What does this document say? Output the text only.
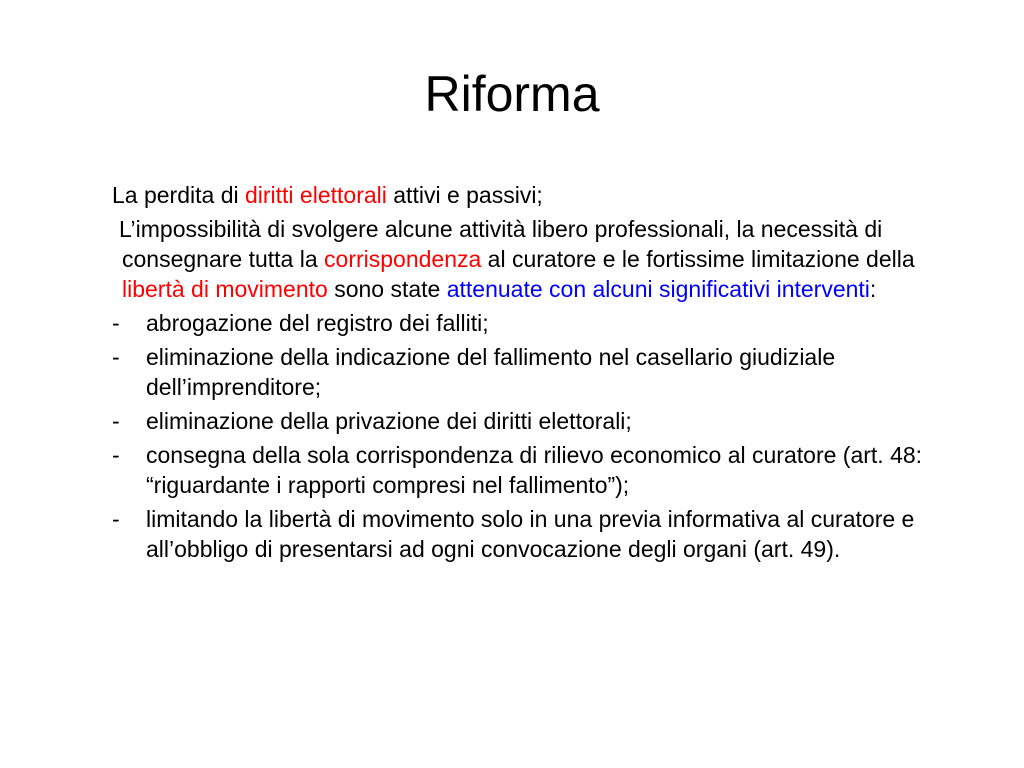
Riforma

La perdita di diritti elettorali attivi e passivi;

L’impossibilità di svolgere alcune attività libero professionali, la necessità di consegnare tutta la corrispondenza al curatore e le fortissime limitazione della libertà di movimento sono state attenuate con alcuni significativi interventi:

- abrogazione del registro dei falliti;
- eliminazione della indicazione del fallimento nel casellario giudiziale dell’imprenditore;
- eliminazione della privazione dei diritti elettorali;
- consegna della sola corrispondenza di rilievo economico al curatore (art. 48: “riguardante i rapporti compresi nel fallimento”);
- limitando la libertà di movimento solo in una previa informativa al curatore e all’obbligo di presentarsi ad ogni convocazione degli organi (art. 49).
